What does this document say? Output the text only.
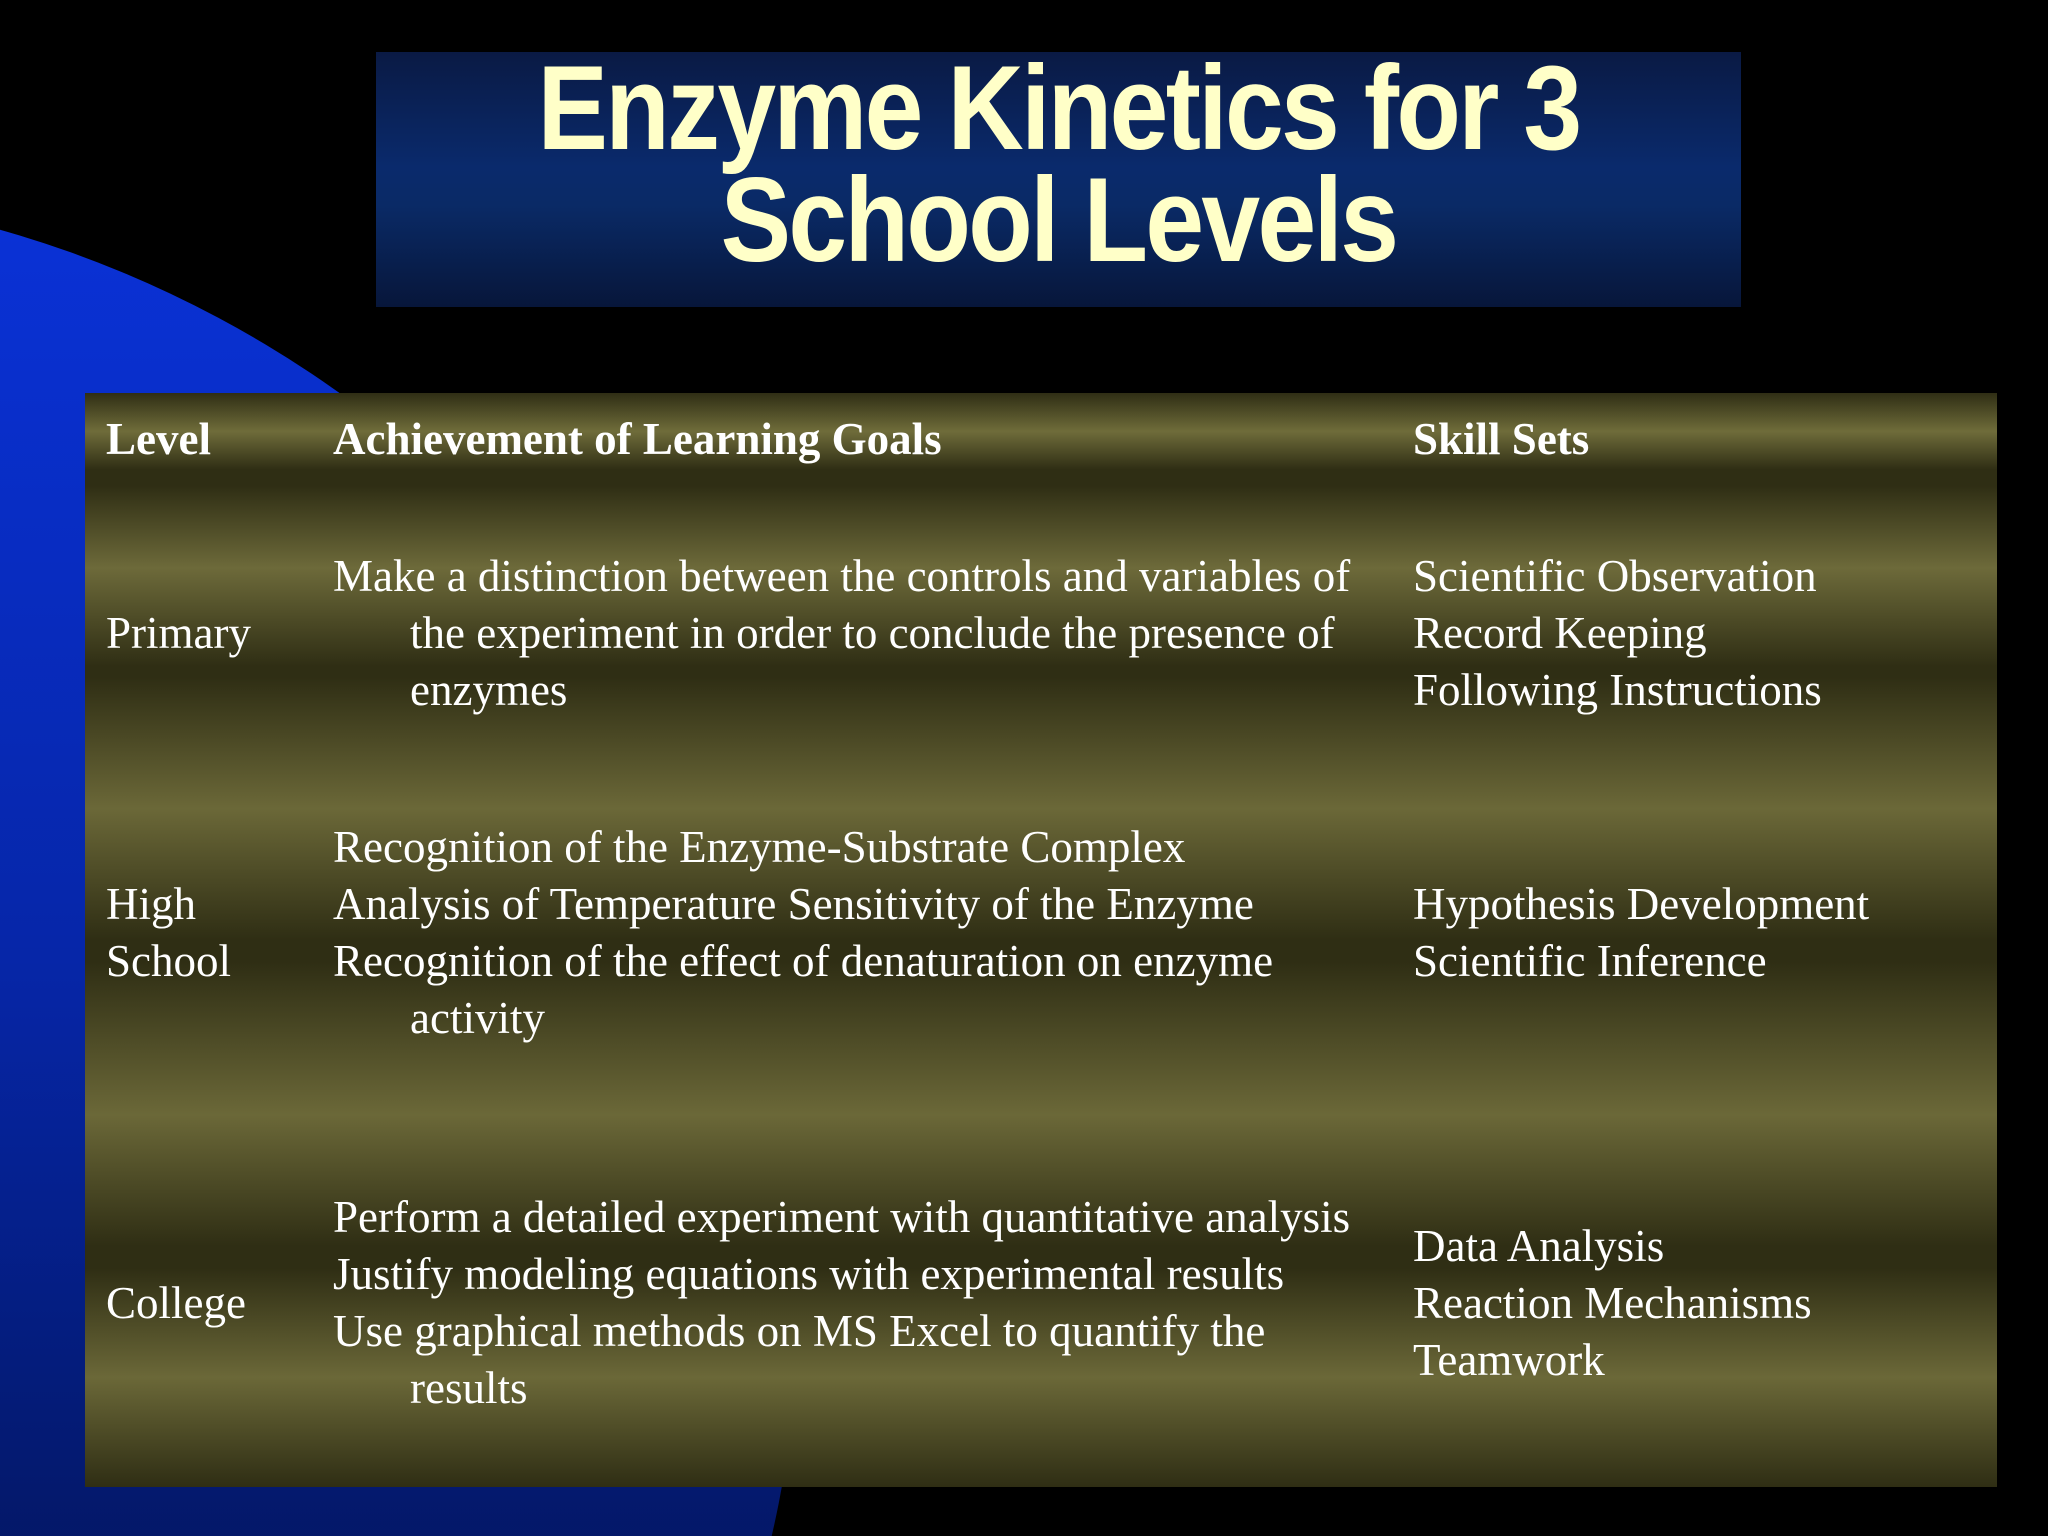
Enzyme Kinetics for 3
School Levels
Level	Achievement of Learning Goals	Skill Sets
Primary
Make a distinction between the controls and variables of the experiment in order to conclude the presence of enzymes
Scientific Observation
Record Keeping
Following Instructions
High School
Recognition of the Enzyme-Substrate Complex
Analysis of Temperature Sensitivity of the Enzyme
Recognition of the effect of denaturation on enzyme activity
Hypothesis Development
Scientific Inference
College
Perform a detailed experiment with quantitative analysis
Justify modeling equations with experimental results
Use graphical methods on MS Excel to quantify the results
Data Analysis
Reaction Mechanisms
Teamwork
